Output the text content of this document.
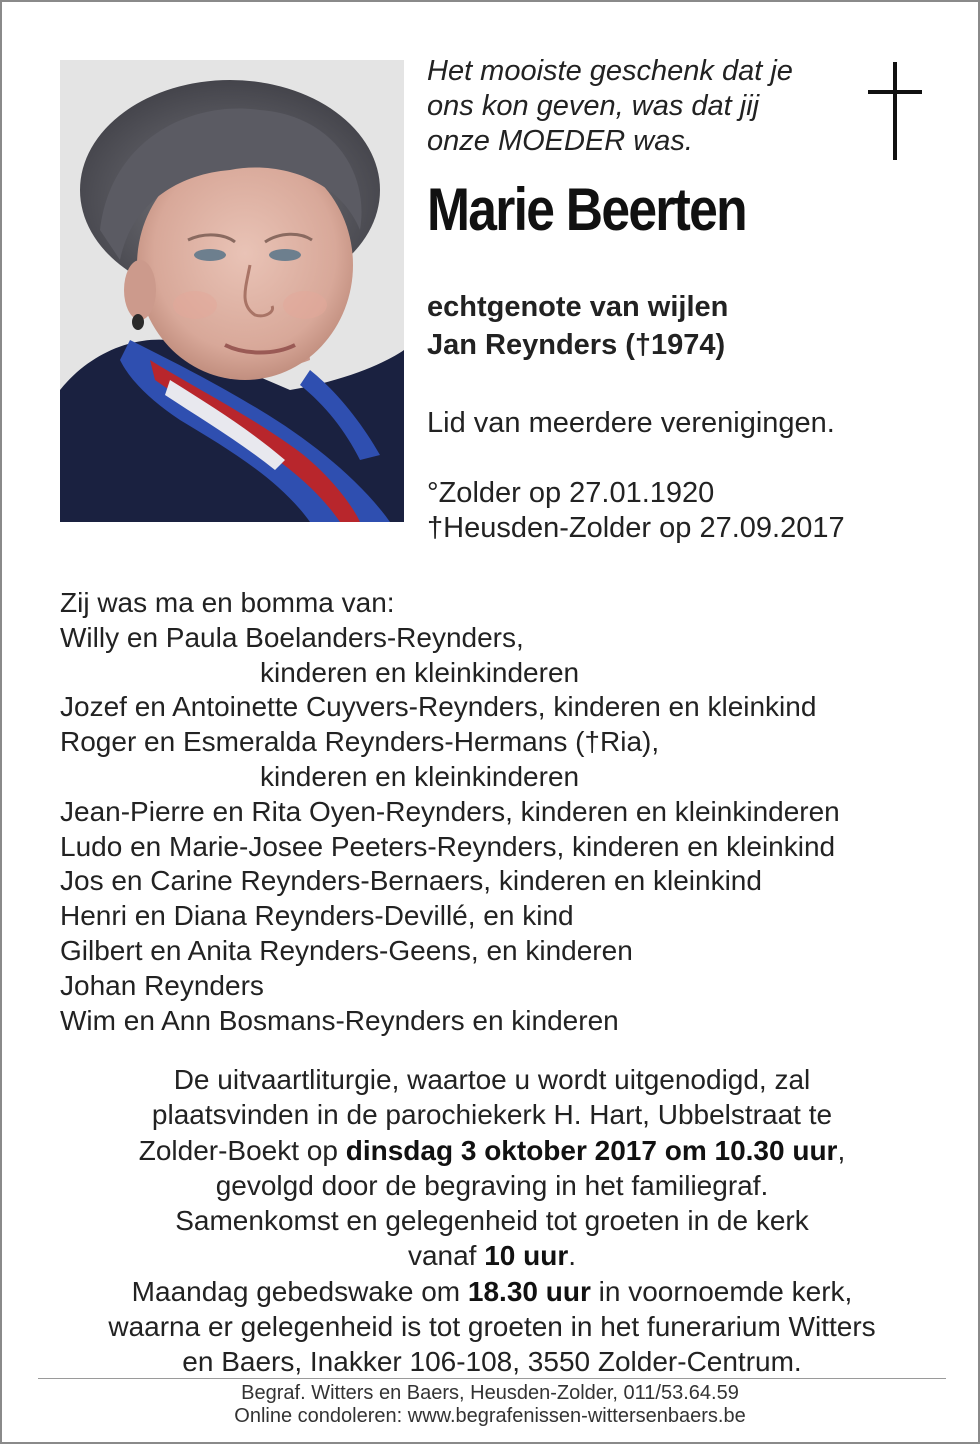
Het mooiste geschenk dat je
ons kon geven, was dat jij
onze MOEDER was.
Marie Beerten
echtgenote van wijlen
Jan Reynders (†1974)
Lid van meerdere verenigingen.
°Zolder op 27.01.1920
†Heusden-Zolder op 27.09.2017
Zij was ma en bomma van:
Willy en Paula Boelanders-Reynders,
kinderen en kleinkinderen
Jozef en Antoinette Cuyvers-Reynders, kinderen en kleinkind
Roger en Esmeralda Reynders-Hermans (†Ria),
kinderen en kleinkinderen
Jean-Pierre en Rita Oyen-Reynders, kinderen en kleinkinderen
Ludo en Marie-Josee Peeters-Reynders, kinderen en kleinkind
Jos en Carine Reynders-Bernaers, kinderen en kleinkind
Henri en Diana Reynders-Devillé, en kind
Gilbert en Anita Reynders-Geens, en kinderen
Johan Reynders
Wim en Ann Bosmans-Reynders en kinderen
De uitvaartliturgie, waartoe u wordt uitgenodigd, zal
plaatsvinden in de parochiekerk H. Hart, Ubbelstraat te
Zolder-Boekt op dinsdag 3 oktober 2017 om 10.30 uur,
gevolgd door de begraving in het familiegraf.
Samenkomst en gelegenheid tot groeten in de kerk
vanaf 10 uur.
Maandag gebedswake om 18.30 uur in voornoemde kerk,
waarna er gelegenheid is tot groeten in het funerarium Witters
en Baers, Inakker 106-108, 3550 Zolder-Centrum.
Begraf. Witters en Baers, Heusden-Zolder, 011/53.64.59
Online condoleren: www.begrafenissen-wittersenbaers.be
